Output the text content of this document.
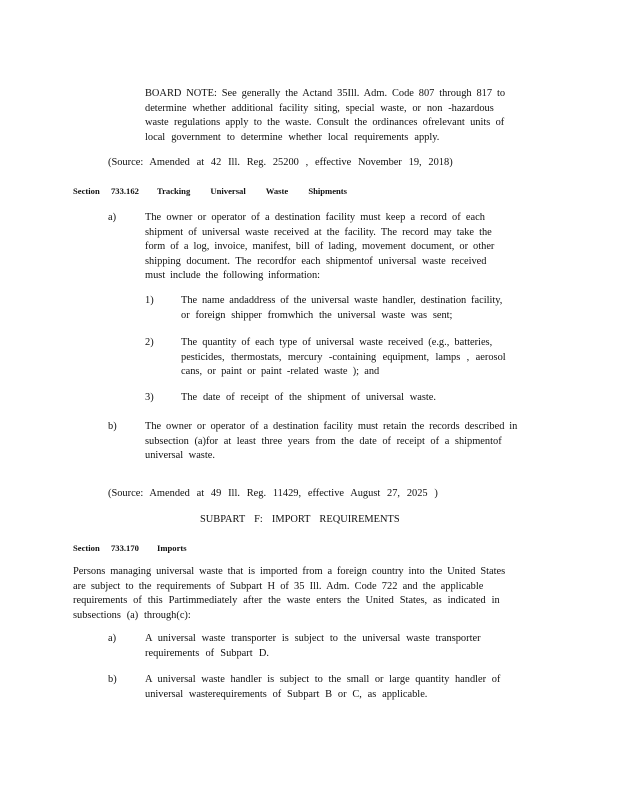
BOARD NOTE: See generally the Actand 35Ill. Adm. Code 807 through 817 to
determine whether additional facility siting, special waste, or non -hazardous
waste regulations apply to the waste. Consult the ordinances ofrelevant units of
local government to determine whether local requirements apply.
(Source: Amended at 42 Ill. Reg. 25200 , effective November 19, 2018)
Section 733.162 Tracking Universal Waste Shipments
a)	The owner or operator of a destination facility must keep a record of each
shipment of universal waste received at the facility. The record may take the
form of a log, invoice, manifest, bill of lading, movement document, or other
shipping document. The recordfor each shipmentof universal waste received
must include the following information:
1)	The name andaddress of the universal waste handler, destination facility,
or foreign shipper fromwhich the universal waste was sent;
2)	The quantity of each type of universal waste received (e.g., batteries,
pesticides, thermostats, mercury -containing equipment, lamps , aerosol
cans, or paint or paint -related waste ); and
3)	The date of receipt of the shipment of universal waste.
b)	The owner or operator of a destination facility must retain the records described in
subsection (a)for at least three years from the date of receipt of a shipmentof
universal waste.
(Source: Amended at 49 Ill. Reg. 11429, effective August 27, 2025 )
SUBPART F: IMPORT REQUIREMENTS
Section 733.170 Imports
Persons managing universal waste that is imported from a foreign country into the United States
are subject to the requirements of Subpart H of 35 Ill. Adm. Code 722 and the applicable
requirements of this Partimmediately after the waste enters the United States, as indicated in
subsections (a) through(c):
a)	A universal waste transporter is subject to the universal waste transporter
requirements of Subpart D.
b)	A universal waste handler is subject to the small or large quantity handler of
universal wasterequirements of Subpart B or C, as applicable.
